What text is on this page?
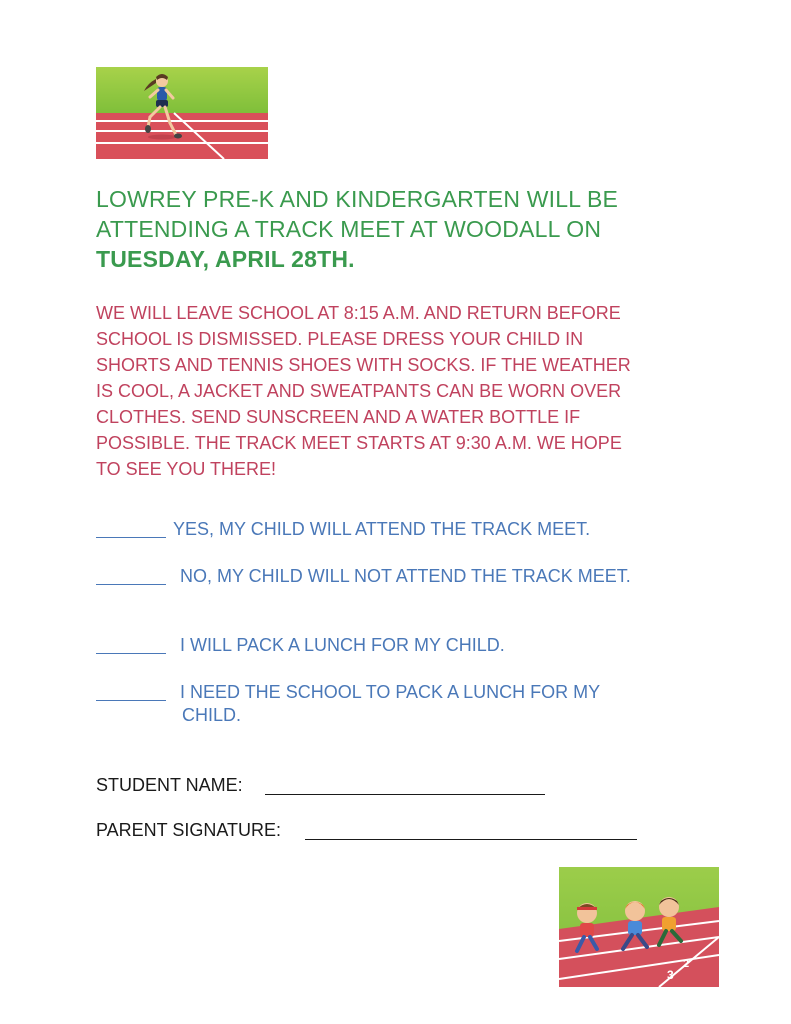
LOWREY PRE-K AND KINDERGARTEN WILL BE
ATTENDING A TRACK MEET AT WOODALL ON
TUESDAY, APRIL 28TH.
WE WILL LEAVE SCHOOL AT 8:15 A.M. AND RETURN BEFORE
SCHOOL IS DISMISSED. PLEASE DRESS YOUR CHILD IN
SHORTS AND TENNIS SHOES WITH SOCKS. IF THE WEATHER
IS COOL, A JACKET AND SWEATPANTS CAN BE WORN OVER
CLOTHES. SEND SUNSCREEN AND A WATER BOTTLE IF
POSSIBLE. THE TRACK MEET STARTS AT 9:30 A.M. WE HOPE
TO SEE YOU THERE!
YES, MY CHILD WILL ATTEND THE TRACK MEET.
NO, MY CHILD WILL NOT ATTEND THE TRACK MEET.
I WILL PACK A LUNCH FOR MY CHILD.
I NEED THE SCHOOL TO PACK A LUNCH FOR MY
CHILD.
STUDENT NAME:
PARENT SIGNATURE:
3
2
